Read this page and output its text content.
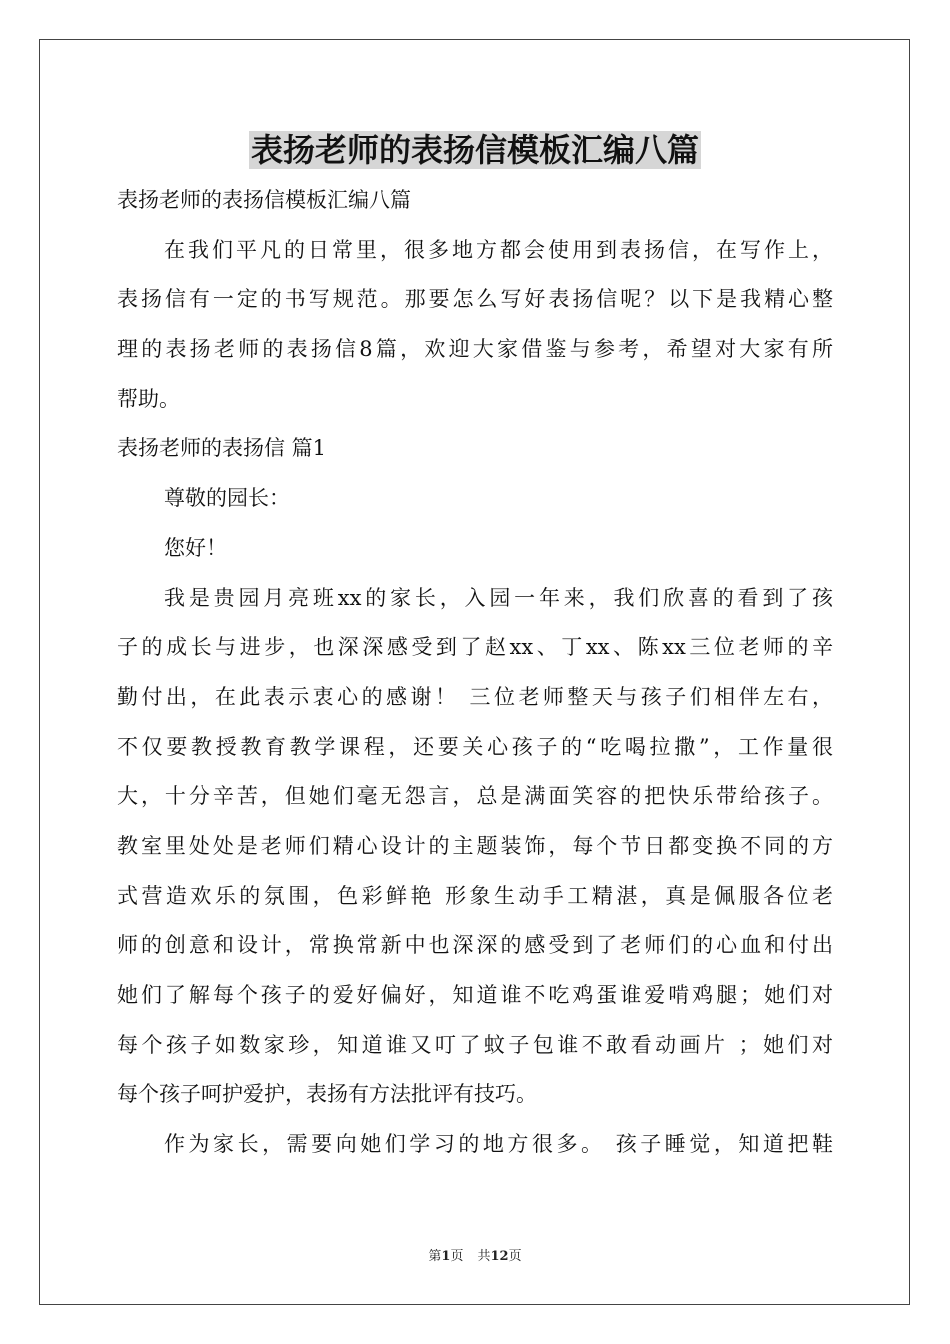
表扬老师的表扬信模板汇编八篇
表扬老师的表扬信模板汇编八篇
在我们平凡的日常里，很多地方都会使用到表扬信，在写作上，
表扬信有一定的书写规范。那要怎么写好表扬信呢？以下是我精心整
理的表扬老师的表扬信8篇，欢迎大家借鉴与参考，希望对大家有所
帮助。
表扬老师的表扬信 篇1
尊敬的园长：
您好！
我是贵园月亮班xx的家长，入园一年来，我们欣喜的看到了孩
子的成长与进步，也深深感受到了赵xx、丁xx、陈xx三位老师的辛
勤付出，在此表示衷心的感谢！ 三位老师整天与孩子们相伴左右，
不仅要教授教育教学课程，还要关心孩子的“吃喝拉撒”，工作量很
大，十分辛苦，但她们毫无怨言，总是满面笑容的把快乐带给孩子。
教室里处处是老师们精心设计的主题装饰，每个节日都变换不同的方
式营造欢乐的氛围，色彩鲜艳 形象生动手工精湛，真是佩服各位老
师的创意和设计，常换常新中也深深的感受到了老师们的心血和付出
她们了解每个孩子的爱好偏好，知道谁不吃鸡蛋谁爱啃鸡腿；她们对
每个孩子如数家珍，知道谁又叮了蚊子包谁不敢看动画片 ；她们对
每个孩子呵护爱护，表扬有方法批评有技巧。
作为家长，需要向她们学习的地方很多。 孩子睡觉，知道把鞋
第1页 共12页
